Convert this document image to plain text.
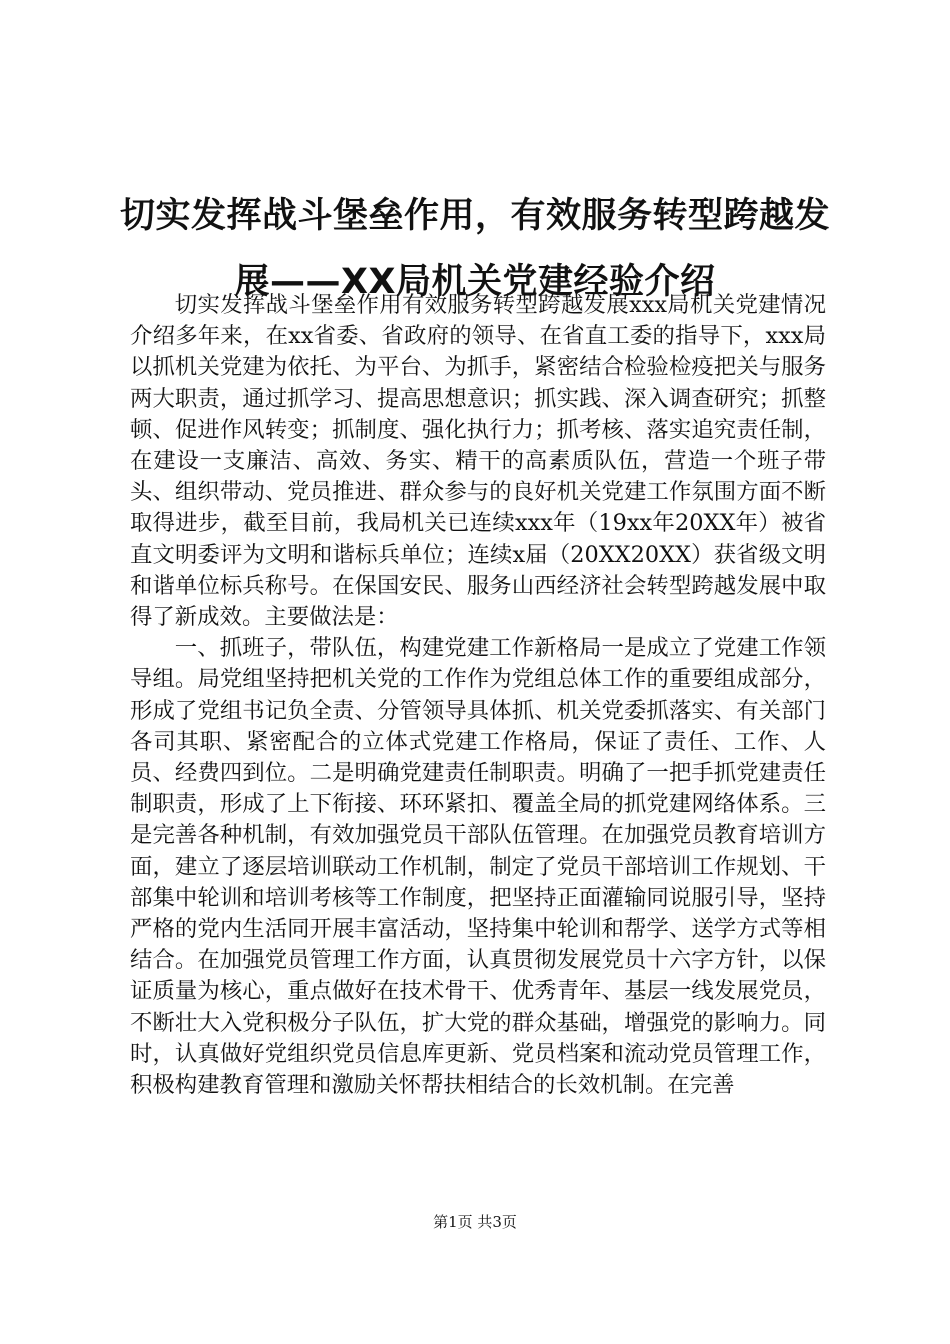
切实发挥战斗堡垒作用，有效服务转型跨越发展——XX局机关党建经验介绍

切实发挥战斗堡垒作用有效服务转型跨越发展xxx局机关党建情况介绍多年来，在xx省委、省政府的领导、在省直工委的指导下，xxx局以抓机关党建为依托、为平台、为抓手，紧密结合检验检疫把关与服务两大职责，通过抓学习、提高思想意识；抓实践、深入调查研究；抓整顿、促进作风转变；抓制度、强化执行力；抓考核、落实追究责任制，在建设一支廉洁、高效、务实、精干的高素质队伍，营造一个班子带头、组织带动、党员推进、群众参与的良好机关党建工作氛围方面不断取得进步，截至目前，我局机关已连续xxx年（19xx年20XX年）被省直文明委评为文明和谐标兵单位；连续x届（20XX20XX）获省级文明和谐单位标兵称号。在保国安民、服务山西经济社会转型跨越发展中取得了新成效。主要做法是：

一、抓班子，带队伍，构建党建工作新格局一是成立了党建工作领导组。局党组坚持把机关党的工作作为党组总体工作的重要组成部分，形成了党组书记负全责、分管领导具体抓、机关党委抓落实、有关部门各司其职、紧密配合的立体式党建工作格局，保证了责任、工作、人员、经费四到位。二是明确党建责任制职责。明确了一把手抓党建责任制职责，形成了上下衔接、环环紧扣、覆盖全局的抓党建网络体系。三是完善各种机制，有效加强党员干部队伍管理。在加强党员教育培训方面，建立了逐层培训联动工作机制，制定了党员干部培训工作规划、干部集中轮训和培训考核等工作制度，把坚持正面灌输同说服引导，坚持严格的党内生活同开展丰富活动，坚持集中轮训和帮学、送学方式等相结合。在加强党员管理工作方面，认真贯彻发展党员十六字方针，以保证质量为核心，重点做好在技术骨干、优秀青年、基层一线发展党员，不断壮大入党积极分子队伍，扩大党的群众基础，增强党的影响力。同时，认真做好党组织党员信息库更新、党员档案和流动党员管理工作，积极构建教育管理和激励关怀帮扶相结合的长效机制。在完善

第1页 共3页
